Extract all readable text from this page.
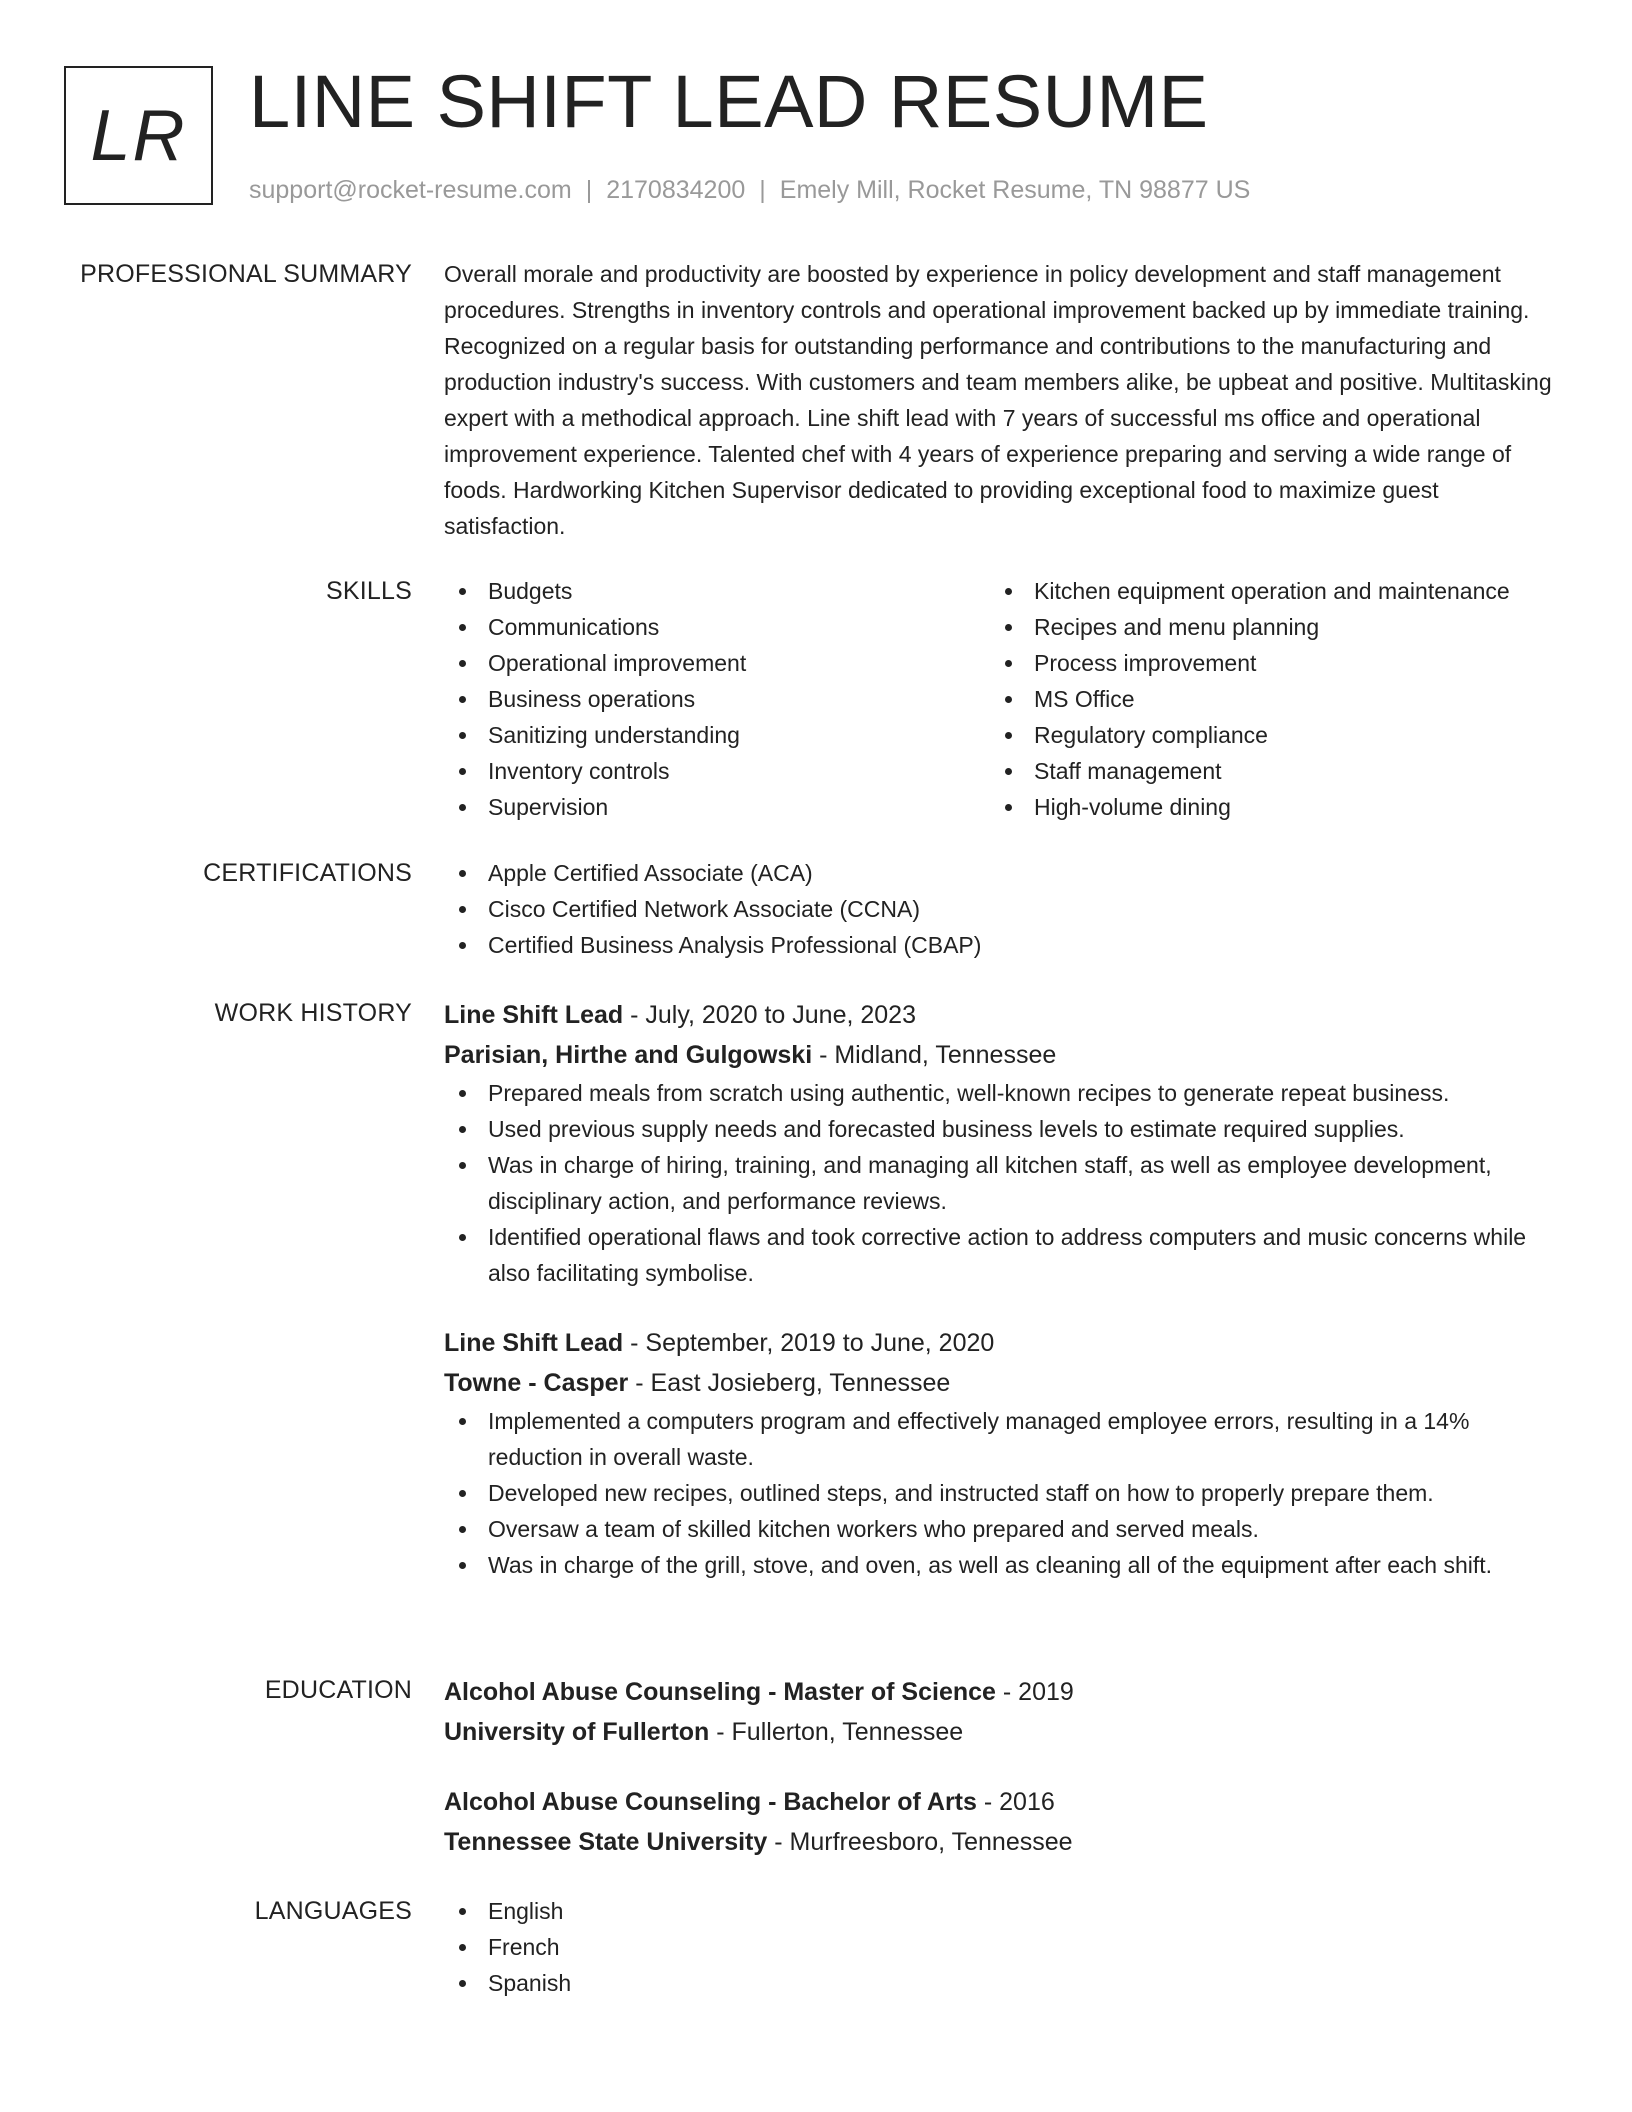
LR LINE SHIFT LEAD RESUME
support@rocket-resume.com | 2170834200 | Emely Mill, Rocket Resume, TN 98877 US
PROFESSIONAL SUMMARY Overall morale and productivity are boosted by experience in policy development and staff management procedures. Strengths in inventory controls and operational improvement backed up by immediate training. Recognized on a regular basis for outstanding performance and contributions to the manufacturing and production industry's success. With customers and team members alike, be upbeat and positive. Multitasking expert with a methodical approach. Line shift lead with 7 years of successful ms office and operational improvement experience. Talented chef with 4 years of experience preparing and serving a wide range of foods. Hardworking Kitchen Supervisor dedicated to providing exceptional food to maximize guest satisfaction.

SKILLS	Budgets
Communications
Operational improvement
Business operations
Sanitizing understanding
Inventory controls
Supervision
Kitchen equipment operation and maintenance
Recipes and menu planning
Process improvement
MS Office
Regulatory compliance
Staff management
High-volume dining
CERTIFICATIONS	Apple Certified Associate (ACA)
Cisco Certified Network Associate (CCNA)
Certified Business Analysis Professional (CBAP)
WORK HISTORY Line Shift Lead - July, 2020 to June, 2023
Parisian, Hirthe and Gulgowski - Midland, Tennessee
Prepared meals from scratch using authentic, well-known recipes to generate repeat business.
Used previous supply needs and forecasted business levels to estimate required supplies.
Was in charge of hiring, training, and managing all kitchen staff, as well as employee development, disciplinary action, and performance reviews.
Identified operational flaws and took corrective action to address computers and music concerns while also facilitating symbolise.
Line Shift Lead - September, 2019 to June, 2020
Towne - Casper - East Josieberg, Tennessee
Implemented a computers program and effectively managed employee errors, resulting in a 14% reduction in overall waste.
Developed new recipes, outlined steps, and instructed staff on how to properly prepare them.
Oversaw a team of skilled kitchen workers who prepared and served meals.
Was in charge of the grill, stove, and oven, as well as cleaning all of the equipment after each shift.
EDUCATION Alcohol Abuse Counseling - Master of Science - 2019
University of Fullerton - Fullerton, Tennessee
Alcohol Abuse Counseling - Bachelor of Arts - 2016
Tennessee State University - Murfreesboro, Tennessee
LANGUAGES	English
French
Spanish
